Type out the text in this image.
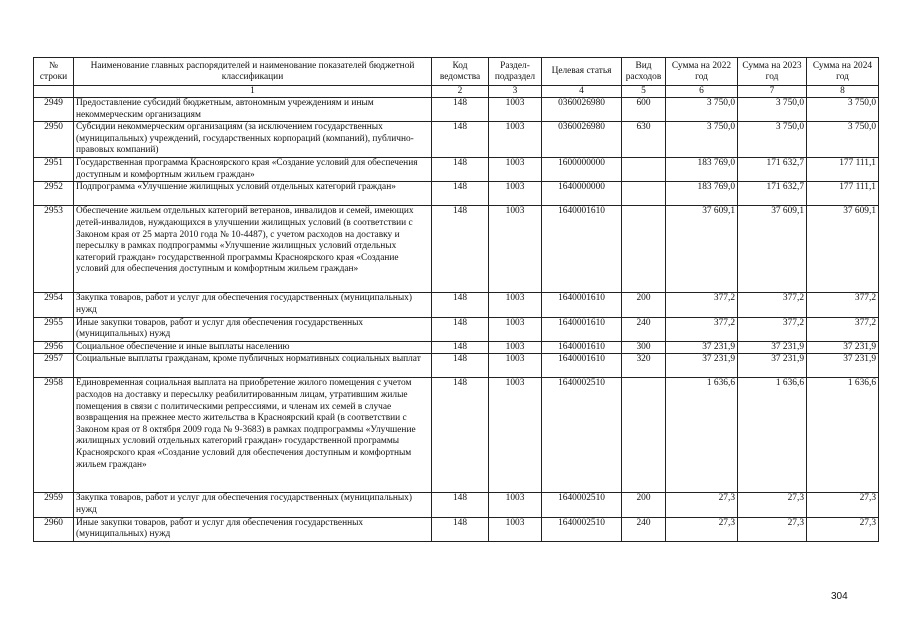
№ строки	Наименование главных распорядителей и наименование показателей бюджетной классификации	Код ведомства	Раздел-подраздел	Целевая статья	Вид расходов	Сумма на 2022 год	Сумма на 2023 год	Сумма на 2024 год
	1	2	3	4	5	6	7	8
2949	Предоставление субсидий бюджетным, автономным учреждениям и иным некоммерческим организациям	148	1003	0360026980	600	3 750,0	3 750,0	3 750,0
2950	Субсидии некоммерческим организациям (за исключением государственных (муниципальных) учреждений, государственных корпораций (компаний), публично-правовых компаний)	148	1003	0360026980	630	3 750,0	3 750,0	3 750,0
2951	Государственная программа Красноярского края «Создание условий для обеспечения доступным и комфортным жильем граждан»	148	1003	1600000000		183 769,0	171 632,7	177 111,1
2952	Подпрограмма «Улучшение жилищных условий отдельных категорий граждан»	148	1003	1640000000		183 769,0	171 632,7	177 111,1
2953	Обеспечение жильем отдельных категорий ветеранов, инвалидов и семей, имеющих детей-инвалидов, нуждающихся в улучшении жилищных условий (в соответствии с Законом края от 25 марта 2010 года № 10-4487), с учетом расходов на доставку и пересылку в рамках подпрограммы «Улучшение жилищных условий отдельных категорий граждан» государственной программы Красноярского края «Создание условий для обеспечения доступным и комфортным жильем граждан»	148	1003	1640001610		37 609,1	37 609,1	37 609,1
2954	Закупка товаров, работ и услуг для обеспечения государственных (муниципальных) нужд	148	1003	1640001610	200	377,2	377,2	377,2
2955	Иные закупки товаров, работ и услуг для обеспечения государственных (муниципальных) нужд	148	1003	1640001610	240	377,2	377,2	377,2
2956	Социальное обеспечение и иные выплаты населению	148	1003	1640001610	300	37 231,9	37 231,9	37 231,9
2957	Социальные выплаты гражданам, кроме публичных нормативных социальных выплат	148	1003	1640001610	320	37 231,9	37 231,9	37 231,9
2958	Единовременная социальная выплата на приобретение жилого помещения с учетом расходов на доставку и пересылку реабилитированным лицам, утратившим жилые помещения в связи с политическими репрессиями, и членам их семей в случае возвращения на прежнее место жительства в Красноярский край (в соответствии с Законом края от 8 октября 2009 года № 9-3683) в рамках подпрограммы «Улучшение жилищных условий отдельных категорий граждан» государственной программы Красноярского края «Создание условий для обеспечения доступным и комфортным жильем граждан»	148	1003	1640002510		1 636,6	1 636,6	1 636,6
2959	Закупка товаров, работ и услуг для обеспечения государственных (муниципальных) нужд	148	1003	1640002510	200	27,3	27,3	27,3
2960	Иные закупки товаров, работ и услуг для обеспечения государственных (муниципальных) нужд	148	1003	1640002510	240	27,3	27,3	27,3
304
